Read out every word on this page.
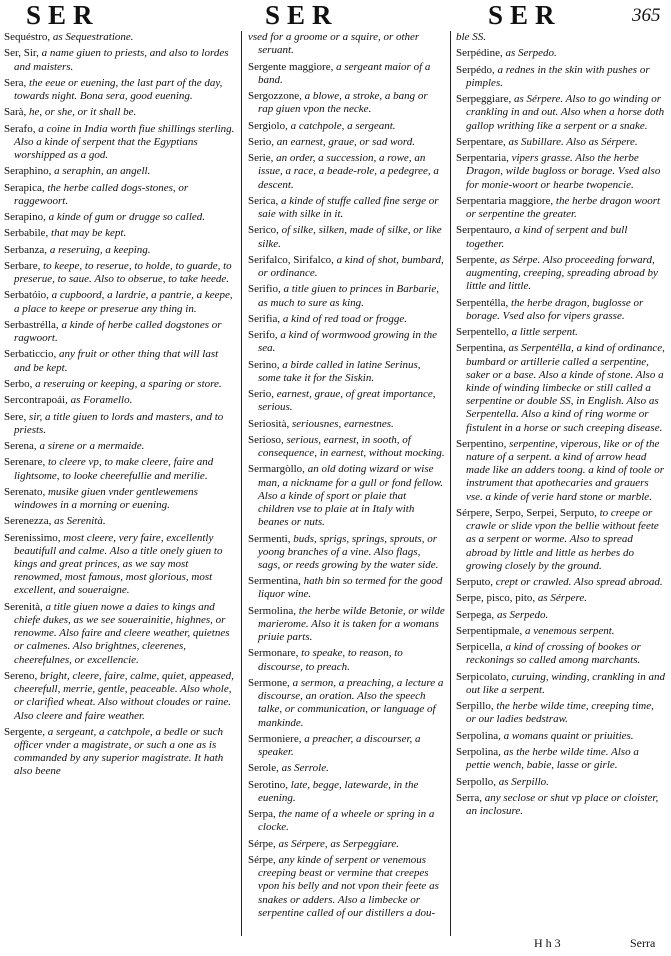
SER	SER	SER	365
Sequéstro, as Sequestratione.
Ser, Sir, a name giuen to priests, and also to lordes and maisters.
Sera, the eeue or euening, the last part of the day, towards night. Bona sera, good euening.
Sarà, he, or she, or it shall be.
Serafo, a coine in India worth fiue shillings sterling. Also a kinde of serpent that the Egyptians worshipped as a god.
Seraphino, a seraphin, an angell.
Serapica, the herbe called dogs-stones, or raggewoort.
Serapino, a kinde of gum or drugge so called.
Serbabile, that may be kept.
Serbanza, a reseruing, a keeping.
Serbare, to keepe, to reserue, to holde, to guarde, to preserue, to saue. Also to obserue, to take heede.
Serbatóio, a cupboord, a lardrie, a pantrie, a keepe, a place to keepe or preserue any thing in.
Serbastrélla, a kinde of herbe called dogstones or ragwoort.
Serbaticcio, any fruit or other thing that will last and be kept.
Serbo, a reseruing or keeping, a sparing or store.
Sercontrapoái, as Foramello.
Sere, sir, a title giuen to lords and masters, and to priests.
Serena, a sirene or a mermaide.
Serenare, to cleere vp, to make cleere, faire and lightsome, to looke cheerefullie and merilie.
Serenato, musike giuen vnder gentlewemens windowes in a morning or euening.
Serenezza, as Serenità.
Serenissimo, most cleere, very faire, excellently beautifull and calme. Also a title onely giuen to kings and great princes, as we say most renowmed, most famous, most glorious, most excellent, and soueraigne.
Serenità, a title giuen nowe a daies to kings and chiefe dukes, as we see souerainitie, highnes, or renowme. Also faire and cleere weather, quietnes or calmenes. Also brightnes, cleerenes, cheerefulnes, or excellencie.
Sereno, bright, cleere, faire, calme, quiet, appeased, cheerefull, merrie, gentle, peaceable. Also whole, or clarified wheat. Also without cloudes or raine. Also cleere and faire weather.
Sergente, a sergeant, a catchpole, a bedle or such officer vnder a magistrate, or such a one as is commanded by any superior magistrate. It hath also beene
vsed for a groome or a squire, or other seruant.
Sergente maggiore, a sergeant maior of a band.
Sergozzone, a blowe, a stroke, a bang or rap giuen vpon the necke.
Sergiolo, a catchpole, a sergeant.
Serio, an earnest, graue, or sad word.
Serie, an order, a succession, a rowe, an issue, a race, a beade-role, a pedegree, a descent.
Serica, a kinde of stuffe called fine serge or saie with silke in it.
Serico, of silke, silken, made of silke, or like silke.
Serifalco, Sirifalco, a kind of shot, bumbard, or ordinance.
Serifio, a title giuen to princes in Barbarie, as much to sure as king.
Serifia, a kind of red toad or frogge.
Serifo, a kind of wormwood growing in the sea.
Serino, a birde called in latine Serinus, some take it for the Siskin.
Serio, earnest, graue, of great importance, serious.
Seriosità, seriousnes, earnestnes.
Serioso, serious, earnest, in sooth, of consequence, in earnest, without mocking.
Sermargòllo, an old doting wizard or wise man, a nickname for a gull or fond fellow. Also a kinde of sport or plaie that children vse to plaie at in Italy with beanes or nuts.
Sermenti, buds, sprigs, springs, sprouts, or yoong branches of a vine. Also flags, sags, or reeds growing by the water side.
Sermentina, hath bin so termed for the good liquor wine.
Sermolina, the herbe wilde Betonie, or wilde marierome. Also it is taken for a womans priuie parts.
Sermonare, to speake, to reason, to discourse, to preach.
Sermone, a sermon, a preaching, a lecture a discourse, an oration. Also the speech talke, or communication, or language of mankinde.
Sermoniere, a preacher, a discourser, a speaker.
Serole, as Serrole.
Serotino, late, begge, latewarde, in the euening.
Serpa, the name of a wheele or spring in a clocke.
Sérpe, as Sérpere, as Serpeggiare.
Sérpe, any kinde of serpent or venemous creeping beast or vermine that creepes vpon his belly and not vpon their feete as snakes or adders. Also a limbecke or serpentine called of our distillers a dou-
ble SS.
Serpédine, as Serpedo.
Serpédo, a rednes in the skin with pushes or pimples.
Serpeggiare, as Sérpere. Also to go winding or crankling in and out. Also when a horse doth gallop writhing like a serpent or a snake.
Serpentare, as Subillare. Also as Sérpere.
Serpentaria, vipers grasse. Also the herbe Dragon, wilde bugloss or borage. Vsed also for monie-woort or hearbe twopencie.
Serpentaria maggiore, the herbe dragon woort or serpentine the greater.
Serpentauro, a kind of serpent and bull together.
Serpente, as Sérpe. Also proceeding forward, augmenting, creeping, spreading abroad by little and little.
Serpentélla, the herbe dragon, buglosse or borage. Vsed also for vipers grasse.
Serpentello, a little serpent.
Serpentina, as Serpentélla, a kind of ordinance, bumbard or artillerie called a serpentine, saker or a base. Also a kinde of stone. Also a kinde of winding limbecke or still called a serpentine or double SS, in English. Also as Serpentella. Also a kind of ring worme or fistulent in a horse or such creeping disease.
Serpentino, serpentine, viperous, like or of the nature of a serpent. a kind of arrow head made like an adders toong. a kind of toole or instrument that apothecaries and grauers vse. a kinde of verie hard stone or marble.
Sérpere, Serpo, Serpei, Serputo, to creepe or crawle or slide vpon the bellie without feete as a serpent or worme. Also to spread abroad by little and little as herbes do growing closely by the ground.
Serputo, crept or crawled. Also spread abroad.
Serpe, pisco, pito, as Sérpere.
Serpega, as Serpedo.
Serpentipmale, a venemous serpent.
Serpicella, a kind of crossing of bookes or reckonings so called among marchants.
Serpicolato, curuing, winding, crankling in and out like a serpent.
Serpillo, the herbe wilde time, creeping time, or our ladies bedstraw.
Serpolina, a womans quaint or priuities.
Serpolina, as the herbe wilde time. Also a pettie wench, babie, lasse or girle.
Serpollo, as Serpillo.
Serra, any seclose or shut vp place or cloister, an inclosure.
H h 3	Serra
